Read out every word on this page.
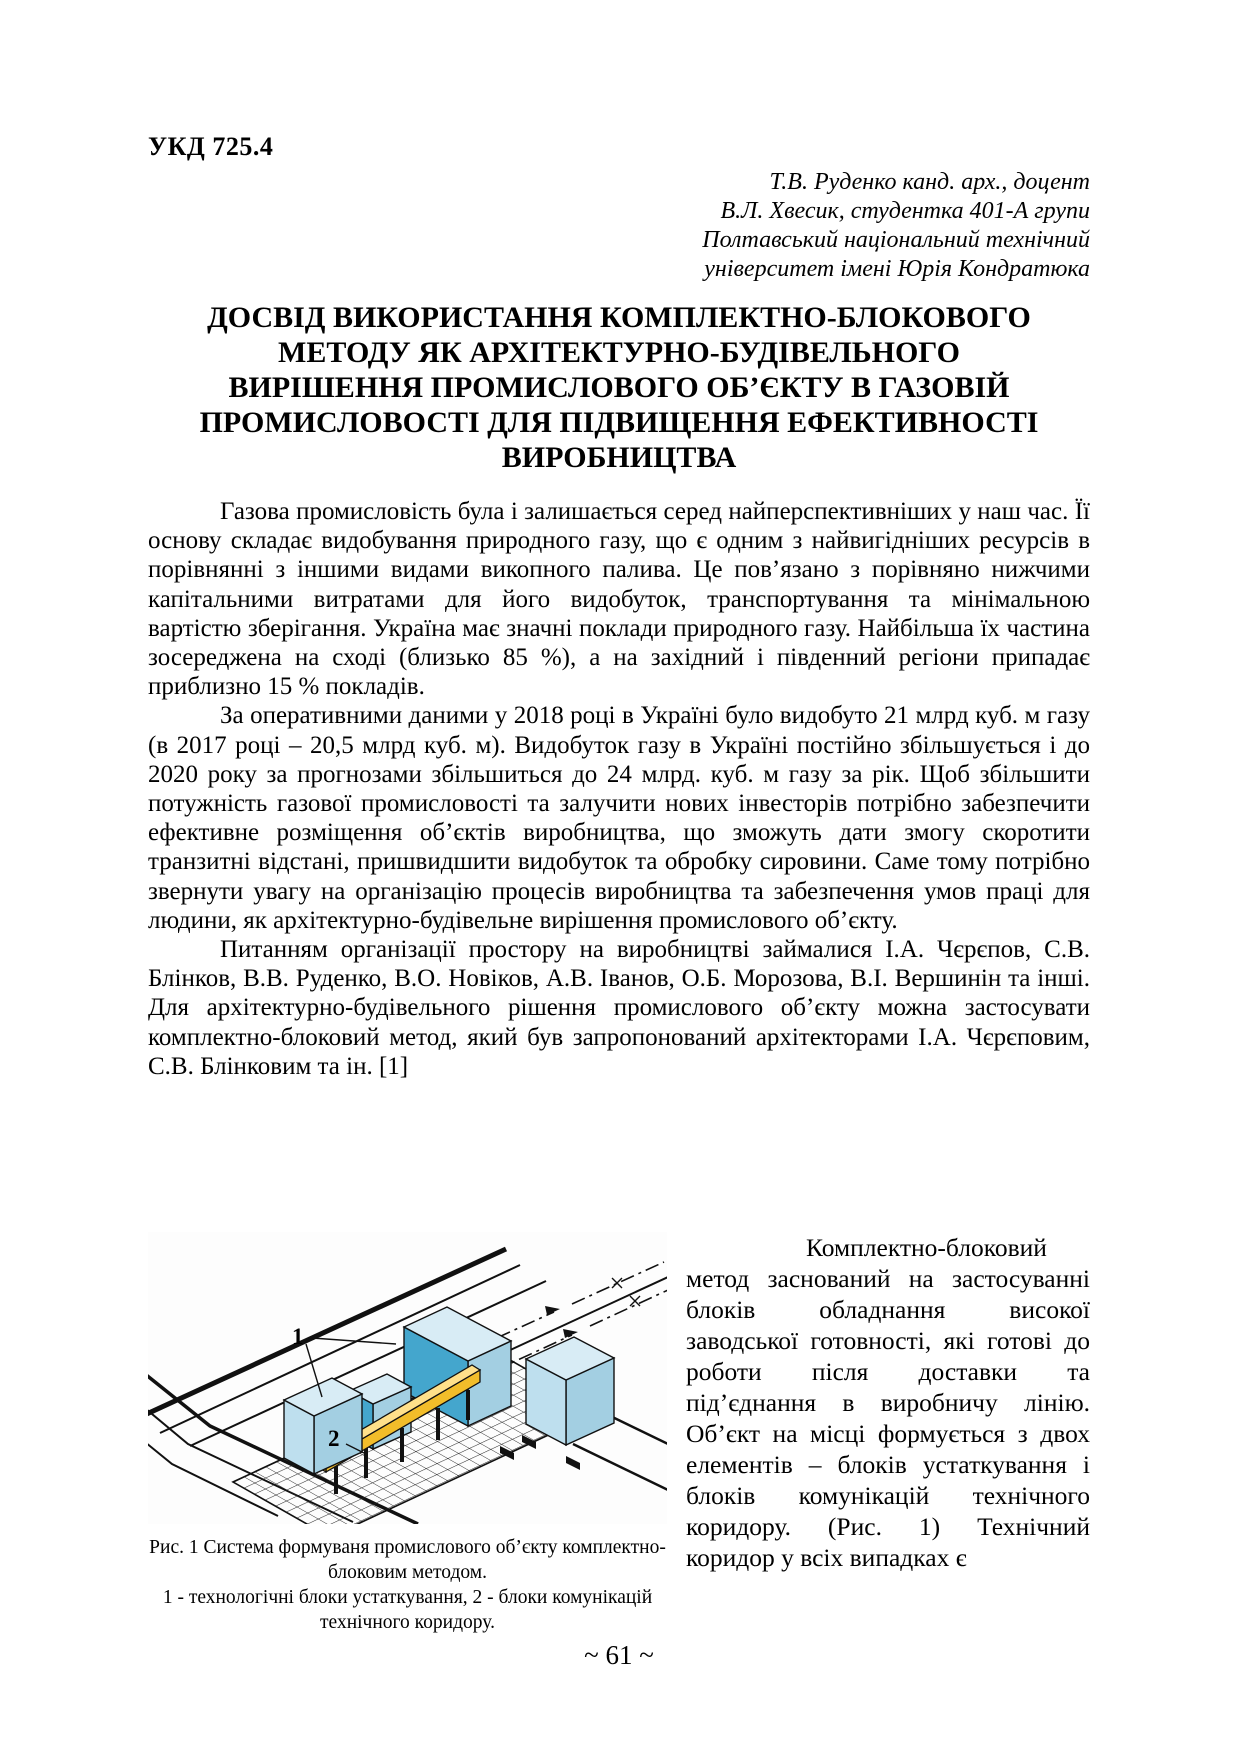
УКД 725.4
Т.В. Руденко канд. арх., доцент
В.Л. Хвесик, студентка 401-А групи
Полтавський національний технічний
університет імені Юрія Кондратюка
ДОСВІД ВИКОРИСТАННЯ КОМПЛЕКТНО-БЛОКОВОГО
МЕТОДУ ЯК АРХІТЕКТУРНО-БУДІВЕЛЬНОГО
ВИРІШЕННЯ ПРОМИСЛОВОГО ОБ’ЄКТУ В ГАЗОВІЙ
ПРОМИСЛОВОСТІ ДЛЯ ПІДВИЩЕННЯ ЕФЕКТИВНОСТІ
ВИРОБНИЦТВА

Газова промисловість була і залишається серед найперспективніших у наш час. Її основу складає видобування природного газу, що є одним з найвигідніших ресурсів в порівнянні з іншими видами викопного палива. Це пов’язано з порівняно нижчими капітальними витратами для його видобуток, транспортування та мінімальною вартістю зберігання. Україна має значні поклади природного газу. Найбільша їх частина зосереджена на сході (близько 85 %), а на західний і південний регіони припадає приблизно 15 % покладів.

За оперативними даними у 2018 році в Україні було видобуто 21 млрд куб. м газу (в 2017 році – 20,5 млрд куб. м). Видобуток газу в Україні постійно збільшується і до 2020 року за прогнозами збільшиться до 24 млрд. куб. м газу за рік. Щоб збільшити потужність газової промисловості та залучити нових інвесторів потрібно забезпечити ефективне розміщення об’єктів виробництва, що зможуть дати змогу скоротити транзитні відстані, пришвидшити видобуток та обробку сировини. Саме тому потрібно звернути увагу на організацію процесів виробництва та забезпечення умов праці для людини, як архітектурно-будівельне вирішення промислового об’єкту.

Питанням організації простору на виробництві займалися І.А. Чєрєпов, С.В. Блінков, В.В. Руденко, В.О. Новіков, А.В. Іванов, О.Б. Морозова, В.І. Вершинін та інші. Для архітектурно-будівельного рішення промислового об’єкту можна застосувати комплектно-блоковий метод, який був запропонований архітекторами І.А. Чєрєповим, С.В. Блінковим та ін. [1]

1
2
Рис. 1 Система формуваня промислового об’єкту комплектно-блоковим методом.
1 - технологічні блоки устаткування, 2 - блоки комунікацій технічного коридору.

Комплектно-блоковий метод заснований на застосуванні блоків обладнання високої заводської готовності, які готові до роботи після доставки та під’єднання в виробничу лінію. Об’єкт на місці формується з двох елементів – блоків устаткування і блоків комунікацій технічного коридору. (Рис. 1) Технічний коридор у всіх випадках є

~ 61 ~
